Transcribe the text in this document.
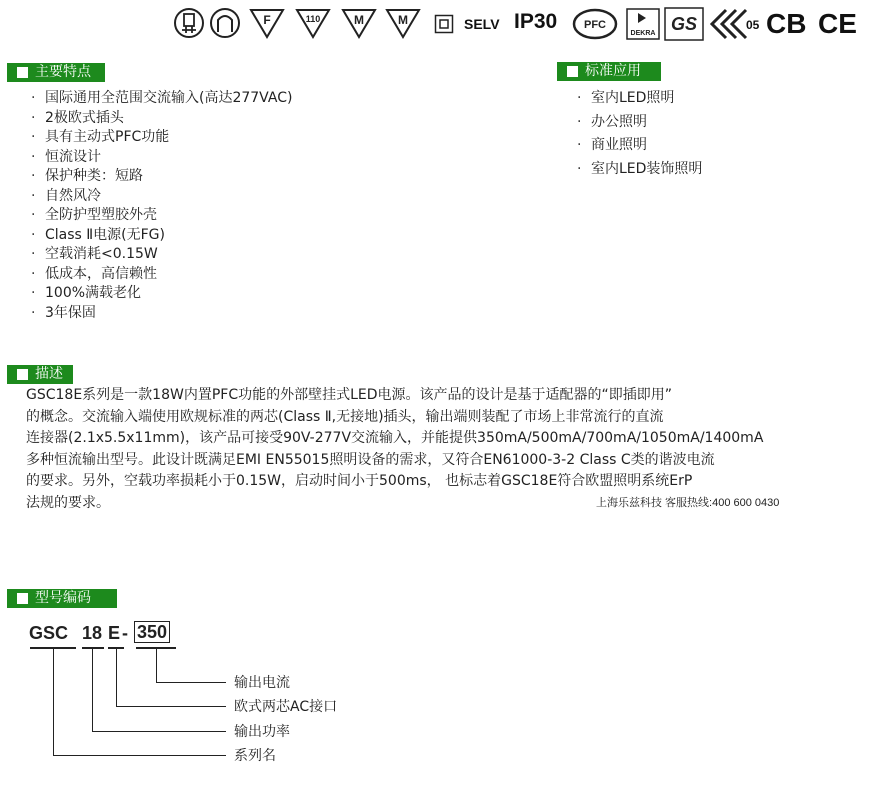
F	110	M	M	SELV IP30 PFC
DEKRA GS	05 CB CE
主要特点
· 国际通用全范围交流输入(高达277VAC)
· 2极欧式插头
· 具有主动式PFC功能
· 恒流设计
· 保护种类：短路
· 自然风冷
· 全防护型塑胶外壳
· Class Ⅱ电源(无FG)
· 空载消耗<0.15W
· 低成本，高信赖性
· 100%满载老化
· 3年保固
标准应用
· 室内LED照明
· 办公照明
· 商业照明
· 室内LED装饰照明
描述
GSC18E系列是一款18W内置PFC功能的外部壁挂式LED电源。该产品的设计是基于适配器的“即插即用”
的概念。交流输入端使用欧规标准的两芯(Class Ⅱ,无接地)插头，输出端则装配了市场上非常流行的直流
连接器(2.1x5.5x11mm)，该产品可接受90V-277V交流输入，并能提供350mA/500mA/700mA/1050mA/1400mA
多种恒流输出型号。此设计既满足EMI EN55015照明设备的需求，又符合EN61000-3-2 Class C类的谐波电流
的要求。另外，空载功率损耗小于0.15W，启动时间小于500ms， 也标志着GSC18E符合欧盟照明系统ErP
法规的要求。	上海乐兹科技 客服热线:400 600 0430
型号编码
GSC 18 E - 350
输出电流
欧式两芯AC接口
输出功率
系列名
